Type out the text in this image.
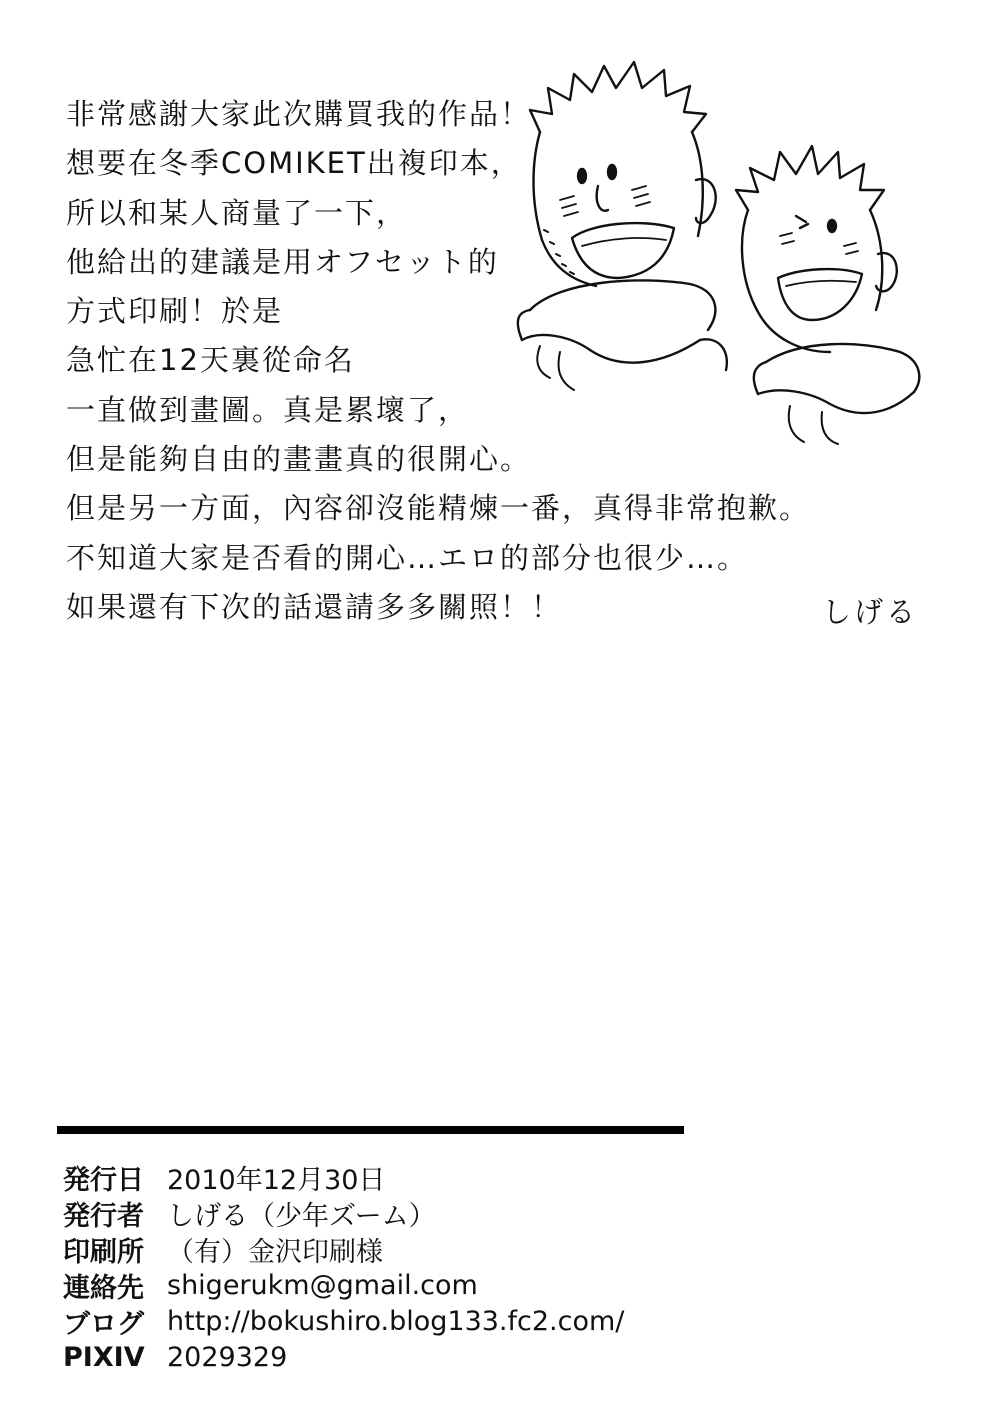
非常感謝大家此次購買我的作品！
想要在冬季COMIKET出複印本，
所以和某人商量了一下，
他給出的建議是用オフセット的
方式印刷！於是
急忙在12天裏從命名
一直做到畫圖。真是累壞了，
但是能夠自由的畫畫真的很開心。
但是另一方面，內容卻沒能精煉一番，真得非常抱歉。
不知道大家是否看的開心…エロ的部分也很少…。
如果還有下次的話還請多多關照！！	しげる
発行日 2010年12月30日
発行者 しげる（少年ズーム）
印刷所 （有）金沢印刷様
連絡先 shigerukm@gmail.com
ブログ http://bokushiro.blog133.fc2.com/
PIXIV 2029329
